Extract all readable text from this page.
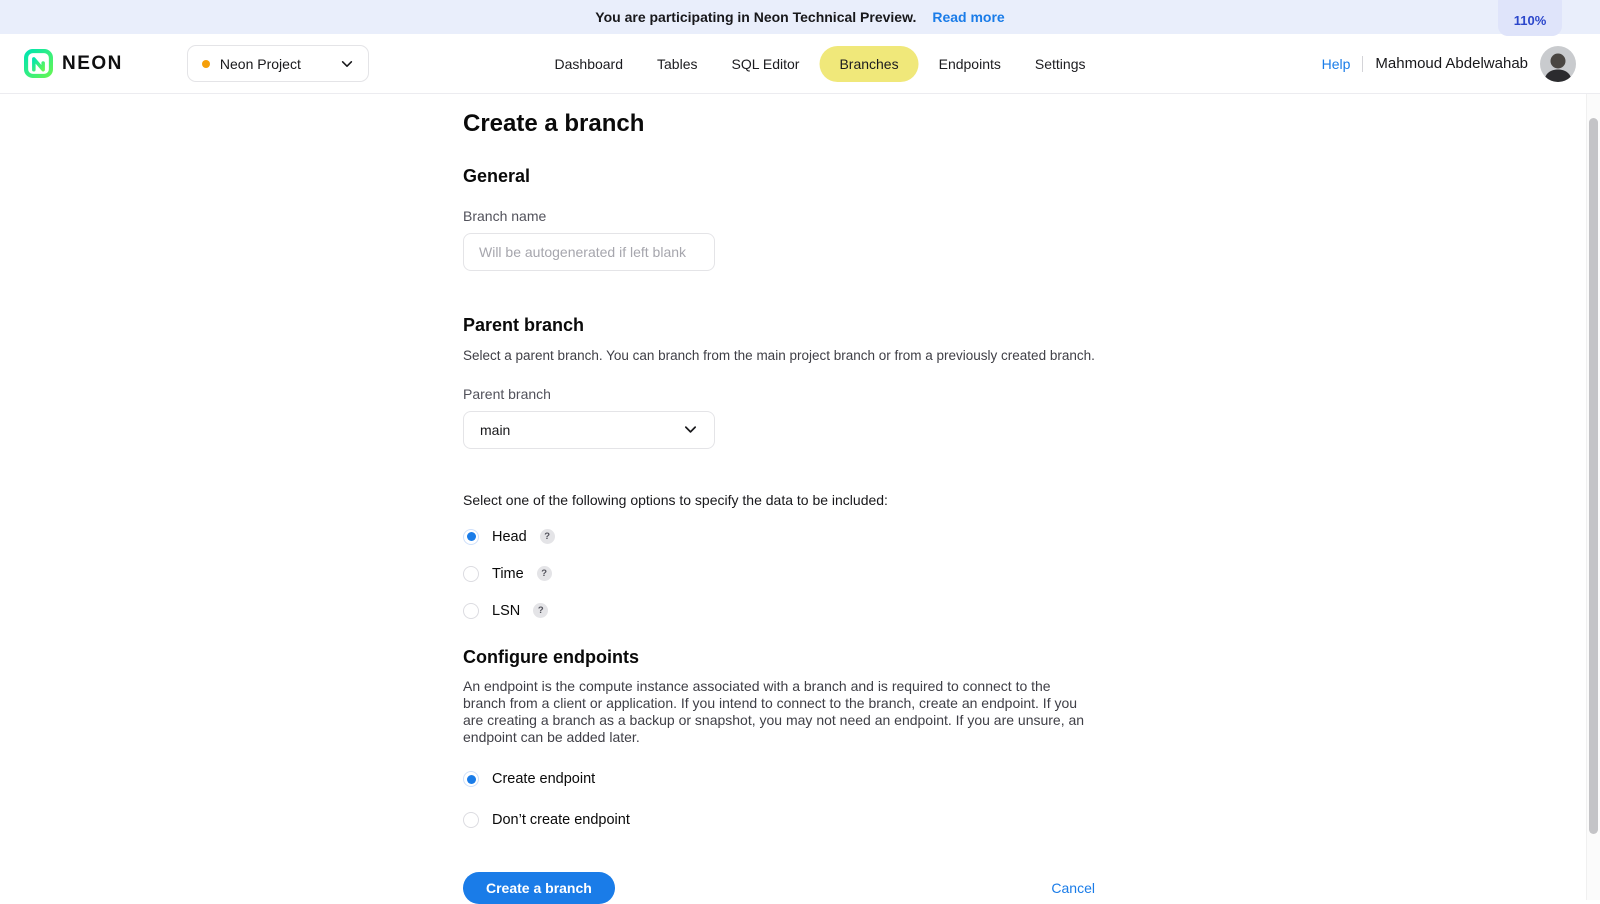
You are participating in Neon Technical Preview. Read more	110%
NEON	Neon Project	Dashboard	Tables	SQL Editor	Branches	Endpoints	Settings	Help Mahmoud Abdelwahab
Create a branch
General
Branch name
Will be autogenerated if left blank
Parent branch
Select a parent branch. You can branch from the main project branch or from a previously created branch.
Parent branch
main
Select one of the following options to specify the data to be included:
Head	?
Time	?
LSN	?
Configure endpoints
An endpoint is the compute instance associated with a branch and is required to connect to the branch from a client or application. If you intend to connect to the branch, create an endpoint. If you are creating a branch as a backup or snapshot, you may not need an endpoint. If you are unsure, an endpoint can be added later.
Create endpoint
Don’t create endpoint
Create a branch	Cancel
